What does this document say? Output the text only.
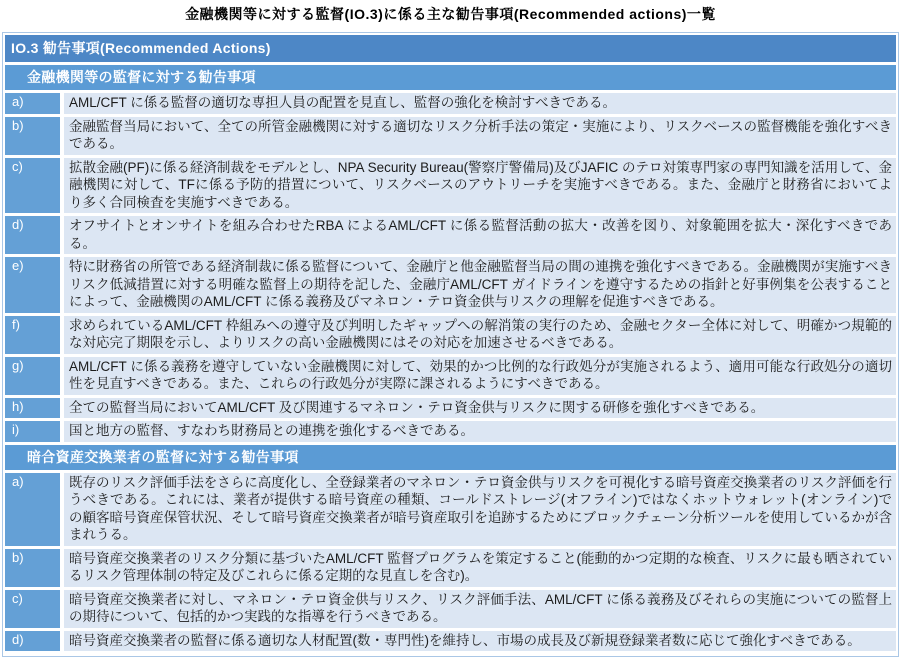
金融機関等に対する監督(IO.3)に係る主な勧告事項(Recommended actions)一覧
IO.3 勧告事項(Recommended Actions)
金融機関等の監督に対する勧告事項
a)	AML/CFT に係る監督の適切な専担人員の配置を見直し、監督の強化を検討すべきである。
b)	金融監督当局において、全ての所管金融機関に対する適切なリスク分析手法の策定・実施により、リスクベースの監督機能を強化すべきである。
c)	拡散金融(PF)に係る経済制裁をモデルとし、NPA Security Bureau(警察庁警備局)及びJAFIC のテロ対策専門家の専門知識を活用して、金融機関に対して、TFに係る予防的措置について、リスクベースのアウトリーチを実施すべきである。また、金融庁と財務省においてより多く合同検査を実施すべきである。
d)	オフサイトとオンサイトを組み合わせたRBA によるAML/CFT に係る監督活動の拡大・改善を図り、対象範囲を拡大・深化すべきである。
e)	特に財務省の所管である経済制裁に係る監督について、金融庁と他金融監督当局の間の連携を強化すべきである。金融機関が実施すべきリスク低減措置に対する明確な監督上の期待を記した、金融庁AML/CFT ガイドラインを遵守するための指針と好事例集を公表することによって、金融機関のAML/CFT に係る義務及びマネロン・テロ資金供与リスクの理解を促進すべきである。
f)	求められているAML/CFT 枠組みへの遵守及び判明したギャップへの解消策の実行のため、金融セクター全体に対して、明確かつ規範的な対応完了期限を示し、よりリスクの高い金融機関にはその対応を加速させるべきである。
g)	AML/CFT に係る義務を遵守していない金融機関に対して、効果的かつ比例的な行政処分が実施されるよう、適用可能な行政処分の適切性を見直すべきである。また、これらの行政処分が実際に課されるようにすべきである。
h)	全ての監督当局においてAML/CFT 及び関連するマネロン・テロ資金供与リスクに関する研修を強化すべきである。
i)	国と地方の監督、すなわち財務局との連携を強化するべきである。
暗合資産交換業者の監督に対する勧告事項
a)	既存のリスク評価手法をさらに高度化し、全登録業者のマネロン・テロ資金供与リスクを可視化する暗号資産交換業者のリスク評価を行うべきである。これには、業者が提供する暗号資産の種類、コールドストレージ(オフライン)ではなくホットウォレット(オンライン)での顧客暗号資産保管状況、そして暗号資産交換業者が暗号資産取引を追跡するためにブロックチェーン分析ツールを使用しているかが含まれうる。
b)	暗号資産交換業者のリスク分類に基づいたAML/CFT 監督プログラムを策定すること(能動的かつ定期的な検査、リスクに最も晒されているリスク管理体制の特定及びこれらに係る定期的な見直しを含む)。
c)	暗号資産交換業者に対し、マネロン・テロ資金供与リスク、リスク評価手法、AML/CFT に係る義務及びそれらの実施についての監督上の期待について、包括的かつ実践的な指導を行うべきである。
d)	暗号資産交換業者の監督に係る適切な人材配置(数・専門性)を維持し、市場の成長及び新規登録業者数に応じて強化すべきである。
